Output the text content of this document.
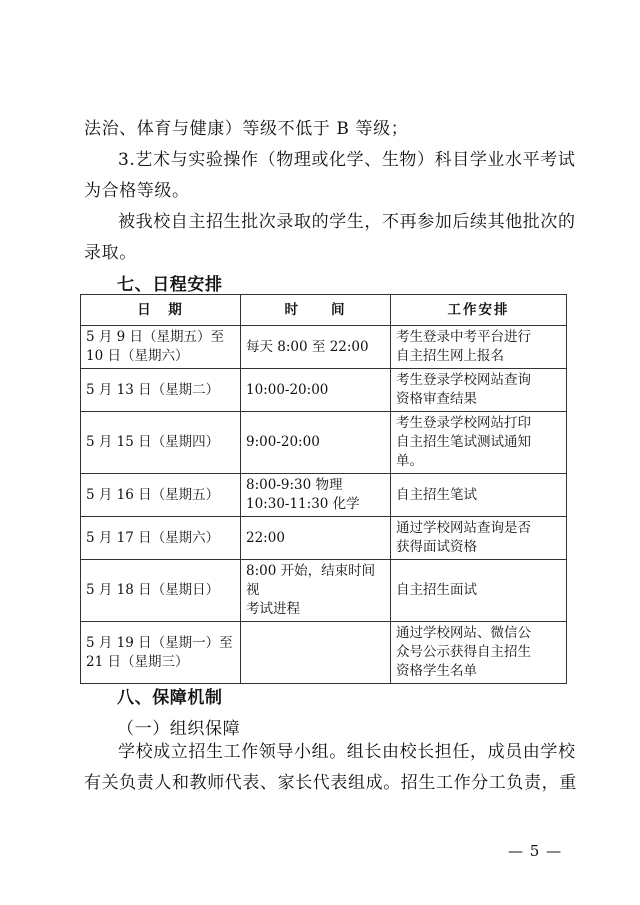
法治、体育与健康）等级不低于 B 等级；

3.艺术与实验操作（物理或化学、生物）科目学业水平考试为合格等级。

被我校自主招生批次录取的学生，不再参加后续其他批次的录取。

七、日程安排

日　期	时　　间	工作安排

5 月 9 日（星期五）至
10 日（星期六）	每天 8:00 至 22:00	考生登录中考平台进行
自主招生网上报名

5 月 13 日（星期二）	10:00-20:00	考生登录学校网站查询
资格审查结果

5 月 15 日（星期四）	9:00-20:00	考生登录学校网站打印
自主招生笔试测试通知
单。

5 月 16 日（星期五）	8:00-9:30 物理
10:30-11:30 化学	自主招生笔试

5 月 17 日（星期六）	22:00	通过学校网站查询是否
获得面试资格

5 月 18 日（星期日）	8:00 开始，结束时间视
考试进程	自主招生面试

5 月 19 日（星期一）至
21 日（星期三）		通过学校网站、微信公
众号公示获得自主招生
资格学生名单

八、保障机制

（一）组织保障

学校成立招生工作领导小组。组长由校长担任，成员由学校有关负责人和教师代表、家长代表组成。招生工作分工负责，重

— 5 —
